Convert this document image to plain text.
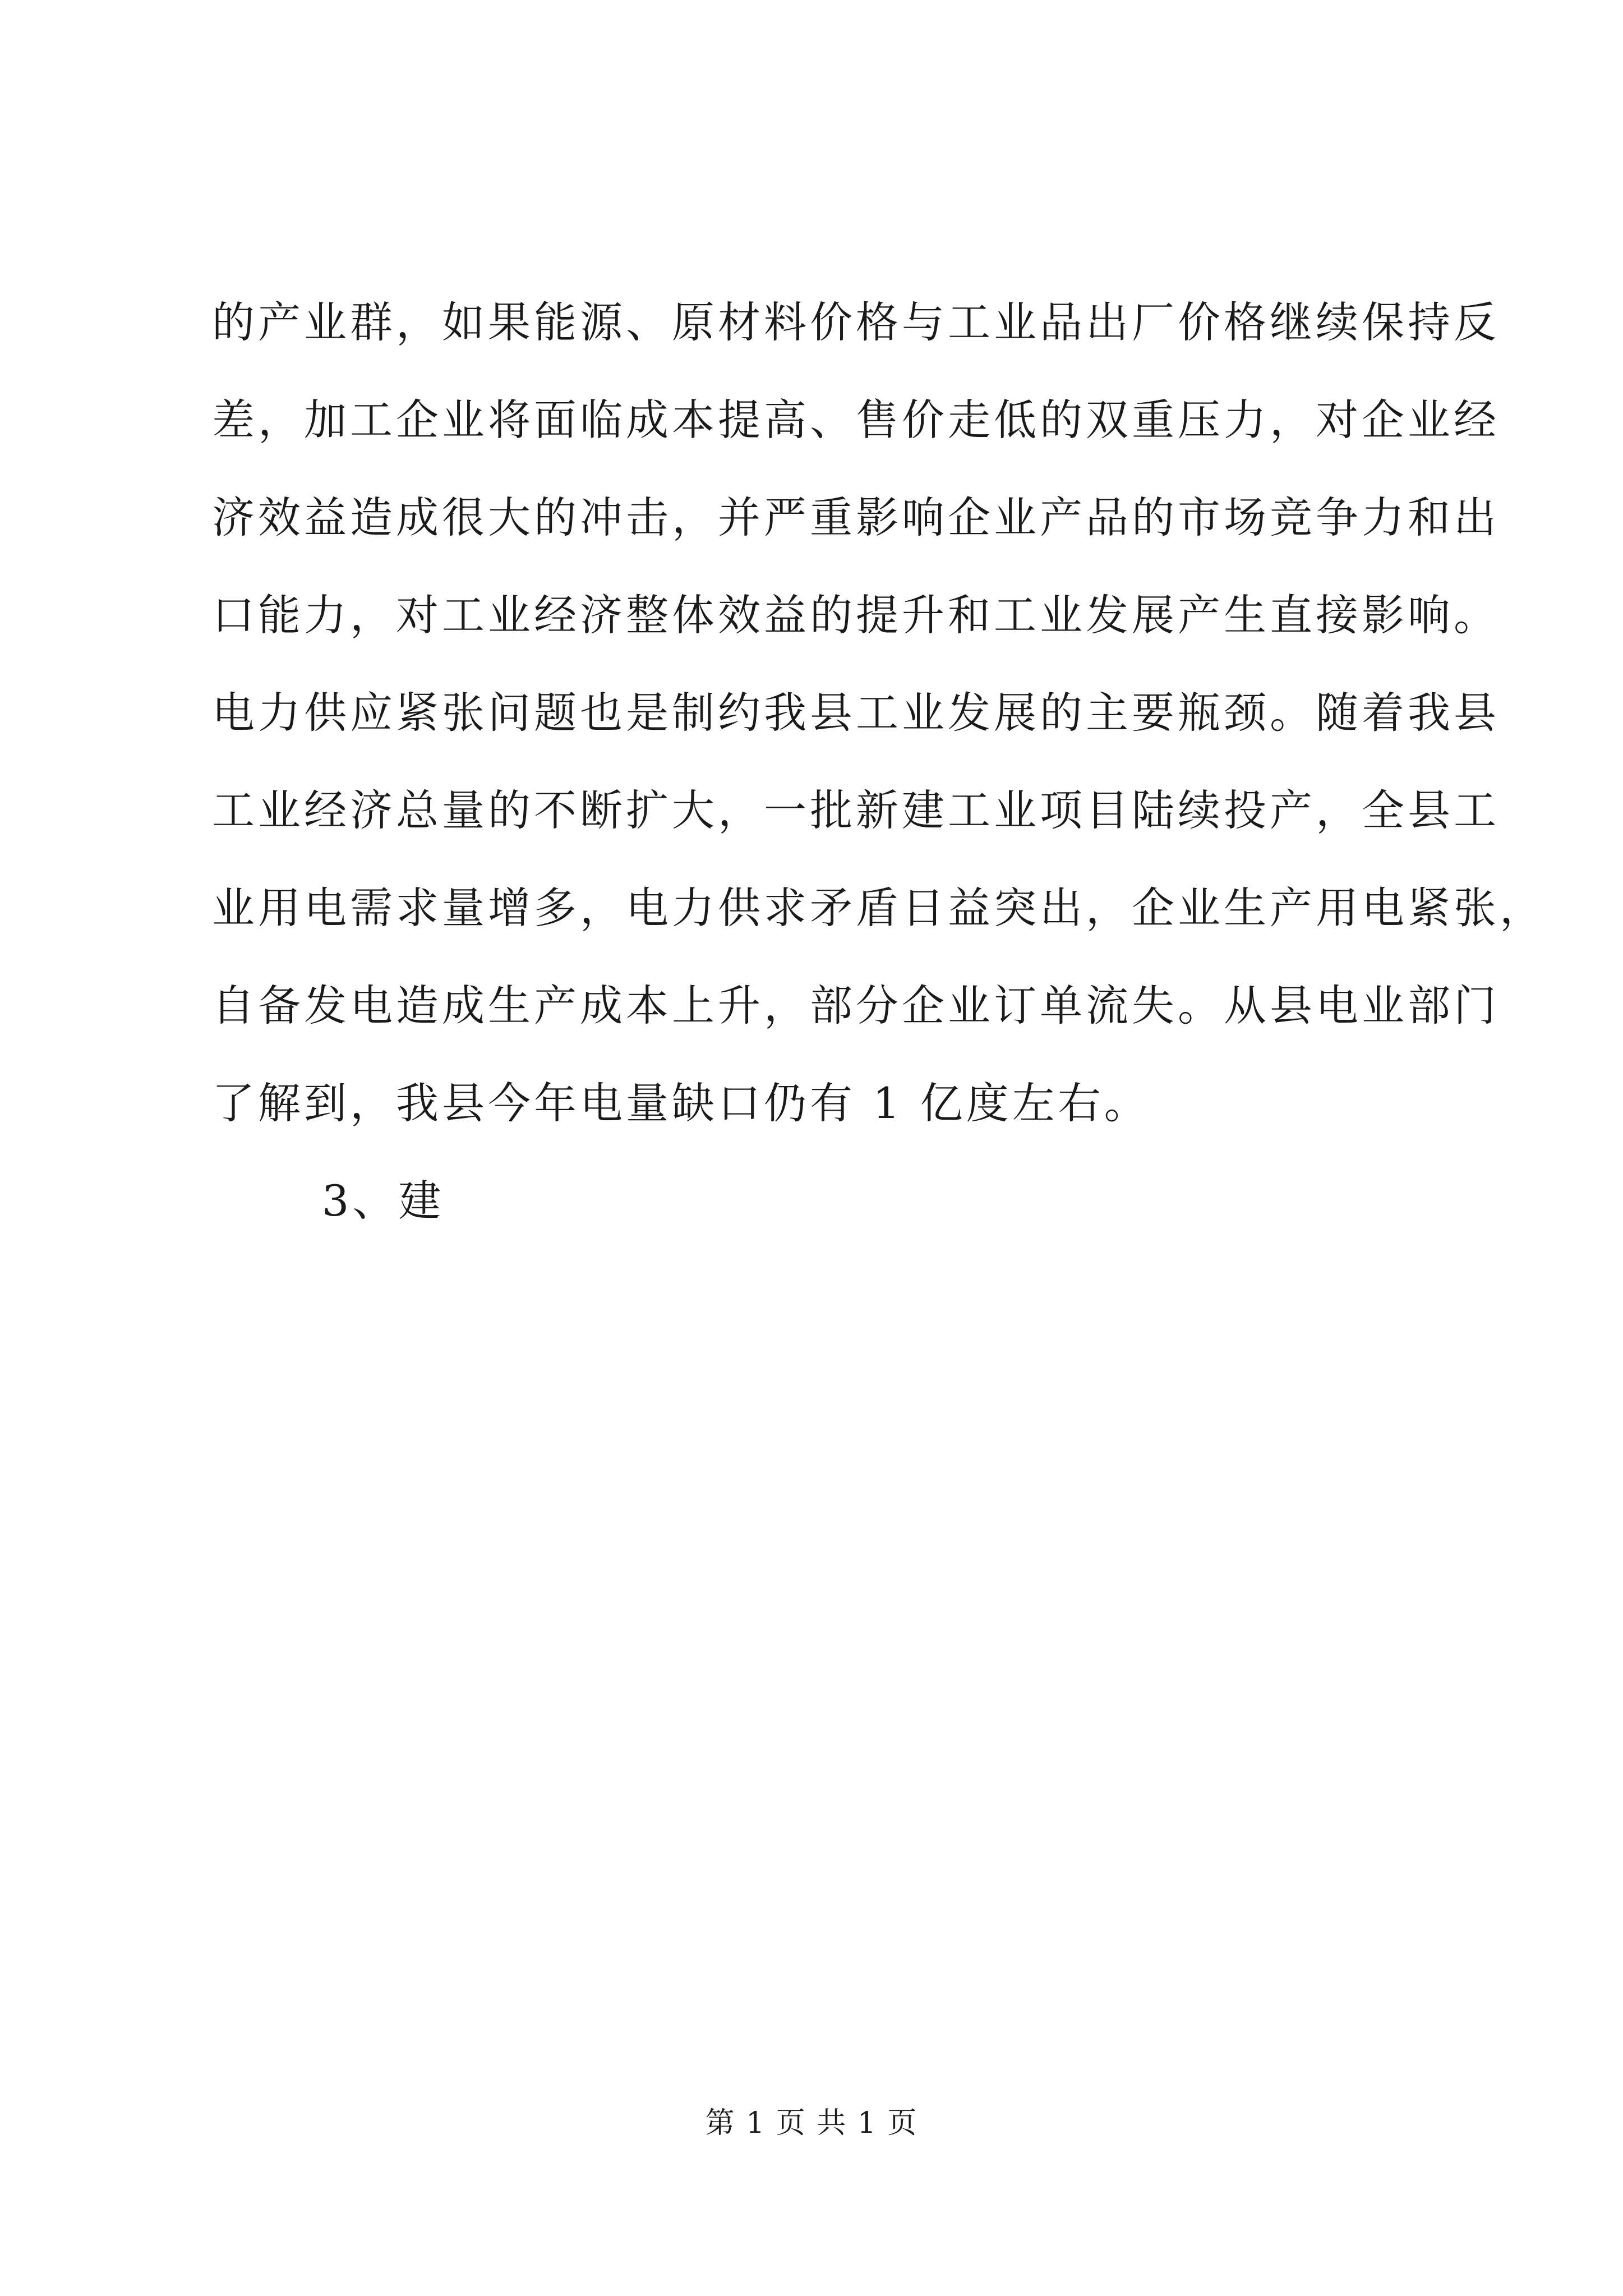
的产业群，如果能源、原材料价格与工业品出厂价格继续保持反
差，加工企业将面临成本提高、售价走低的双重压力，对企业经
济效益造成很大的冲击，并严重影响企业产品的市场竞争力和出
口能力，对工业经济整体效益的提升和工业发展产生直接影响。
电力供应紧张问题也是制约我县工业发展的主要瓶颈。随着我县
工业经济总量的不断扩大，一批新建工业项目陆续投产，全县工
业用电需求量增多，电力供求矛盾日益突出，企业生产用电紧张，
自备发电造成生产成本上升，部分企业订单流失。从县电业部门
了解到，我县今年电量缺口仍有 1 亿度左右。
3、建
第 1 页 共 1 页
